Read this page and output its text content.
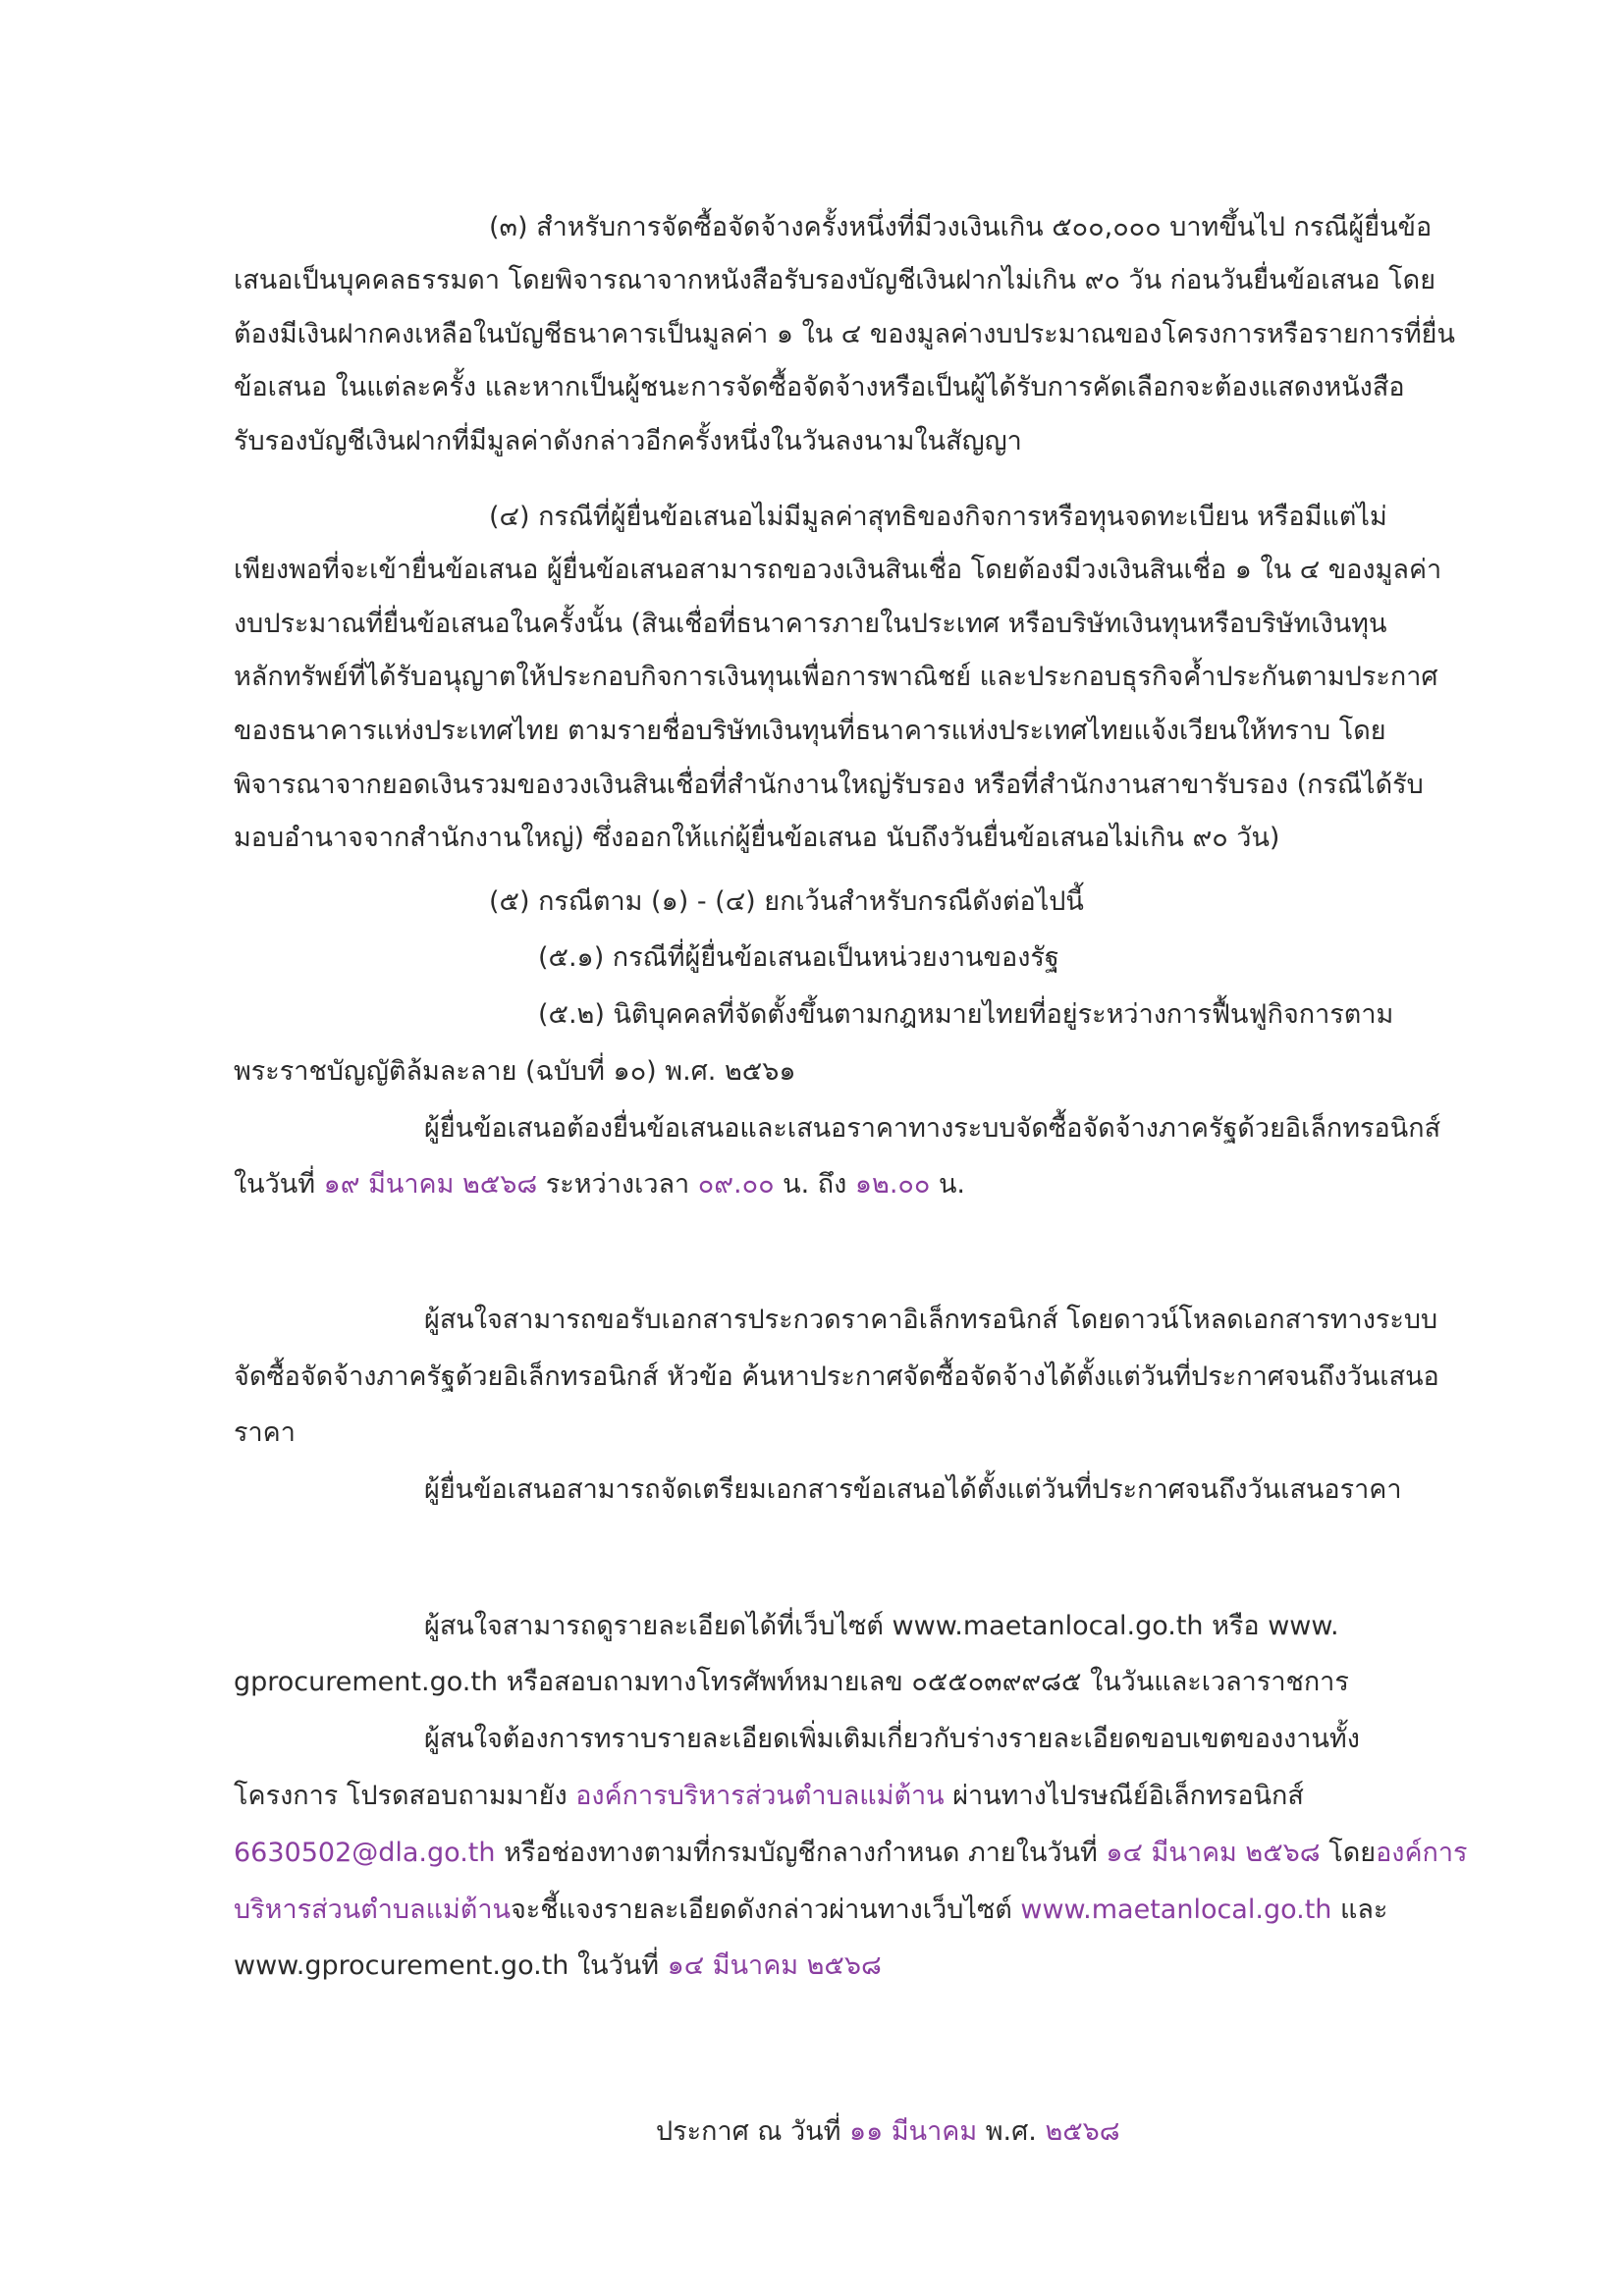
(๓) สำหรับการจัดซื้อจัดจ้างครั้งหนึ่งที่มีวงเงินเกิน ๕๐๐,๐๐๐ บาทขึ้นไป กรณีผู้ยื่นข้อ
เสนอเป็นบุคคลธรรมดา โดยพิจารณาจากหนังสือรับรองบัญชีเงินฝากไม่เกิน ๙๐ วัน ก่อนวันยื่นข้อเสนอ โดย
ต้องมีเงินฝากคงเหลือในบัญชีธนาคารเป็นมูลค่า ๑ ใน ๔ ของมูลค่างบประมาณของโครงการหรือรายการที่ยื่น
ข้อเสนอ ในแต่ละครั้ง และหากเป็นผู้ชนะการจัดซื้อจัดจ้างหรือเป็นผู้ได้รับการคัดเลือกจะต้องแสดงหนังสือ
รับรองบัญชีเงินฝากที่มีมูลค่าดังกล่าวอีกครั้งหนึ่งในวันลงนามในสัญญา
(๔) กรณีที่ผู้ยื่นข้อเสนอไม่มีมูลค่าสุทธิของกิจการหรือทุนจดทะเบียน หรือมีแต่ไม่
เพียงพอที่จะเข้ายื่นข้อเสนอ ผู้ยื่นข้อเสนอสามารถขอวงเงินสินเชื่อ โดยต้องมีวงเงินสินเชื่อ ๑ ใน ๔ ของมูลค่า
งบประมาณที่ยื่นข้อเสนอในครั้งนั้น (สินเชื่อที่ธนาคารภายในประเทศ หรือบริษัทเงินทุนหรือบริษัทเงินทุน
หลักทรัพย์ที่ได้รับอนุญาตให้ประกอบกิจการเงินทุนเพื่อการพาณิชย์ และประกอบธุรกิจค้ำประกันตามประกาศ
ของธนาคารแห่งประเทศไทย ตามรายชื่อบริษัทเงินทุนที่ธนาคารแห่งประเทศไทยแจ้งเวียนให้ทราบ โดย
พิจารณาจากยอดเงินรวมของวงเงินสินเชื่อที่สำนักงานใหญ่รับรอง หรือที่สำนักงานสาขารับรอง (กรณีได้รับ
มอบอำนาจจากสำนักงานใหญ่) ซึ่งออกให้แก่ผู้ยื่นข้อเสนอ นับถึงวันยื่นข้อเสนอไม่เกิน ๙๐ วัน)
(๕) กรณีตาม (๑) - (๔) ยกเว้นสำหรับกรณีดังต่อไปนี้
(๕.๑) กรณีที่ผู้ยื่นข้อเสนอเป็นหน่วยงานของรัฐ
(๕.๒) นิติบุคคลที่จัดตั้งขึ้นตามกฎหมายไทยที่อยู่ระหว่างการฟื้นฟูกิจการตาม
พระราชบัญญัติล้มละลาย (ฉบับที่ ๑๐) พ.ศ. ๒๕๖๑
ผู้ยื่นข้อเสนอต้องยื่นข้อเสนอและเสนอราคาทางระบบจัดซื้อจัดจ้างภาครัฐด้วยอิเล็กทรอนิกส์
ในวันที่ ๑๙ มีนาคม ๒๕๖๘ ระหว่างเวลา ๐๙.๐๐ น. ถึง ๑๒.๐๐ น.
ผู้สนใจสามารถขอรับเอกสารประกวดราคาอิเล็กทรอนิกส์ โดยดาวน์โหลดเอกสารทางระบบ
จัดซื้อจัดจ้างภาครัฐด้วยอิเล็กทรอนิกส์ หัวข้อ ค้นหาประกาศจัดซื้อจัดจ้างได้ตั้งแต่วันที่ประกาศจนถึงวันเสนอ
ราคา
ผู้ยื่นข้อเสนอสามารถจัดเตรียมเอกสารข้อเสนอได้ตั้งแต่วันที่ประกาศจนถึงวันเสนอราคา
ผู้สนใจสามารถดูรายละเอียดได้ที่เว็บไซต์ www.maetanlocal.go.th หรือ www.
gprocurement.go.th หรือสอบถามทางโทรศัพท์หมายเลข ๐๕๕๐๓๙๙๘๕ ในวันและเวลาราชการ
ผู้สนใจต้องการทราบรายละเอียดเพิ่มเติมเกี่ยวกับร่างรายละเอียดขอบเขตของงานทั้ง
โครงการ โปรดสอบถามมายัง องค์การบริหารส่วนตำบลแม่ต้าน ผ่านทางไปรษณีย์อิเล็กทรอนิกส์
6630502@dla.go.th หรือช่องทางตามที่กรมบัญชีกลางกำหนด ภายในวันที่ ๑๔ มีนาคม ๒๕๖๘ โดยองค์การ
บริหารส่วนตำบลแม่ต้านจะชี้แจงรายละเอียดดังกล่าวผ่านทางเว็บไซต์ www.maetanlocal.go.th และ
www.gprocurement.go.th ในวันที่ ๑๔ มีนาคม ๒๕๖๘
ประกาศ ณ วันที่ ๑๑ มีนาคม พ.ศ. ๒๕๖๘
